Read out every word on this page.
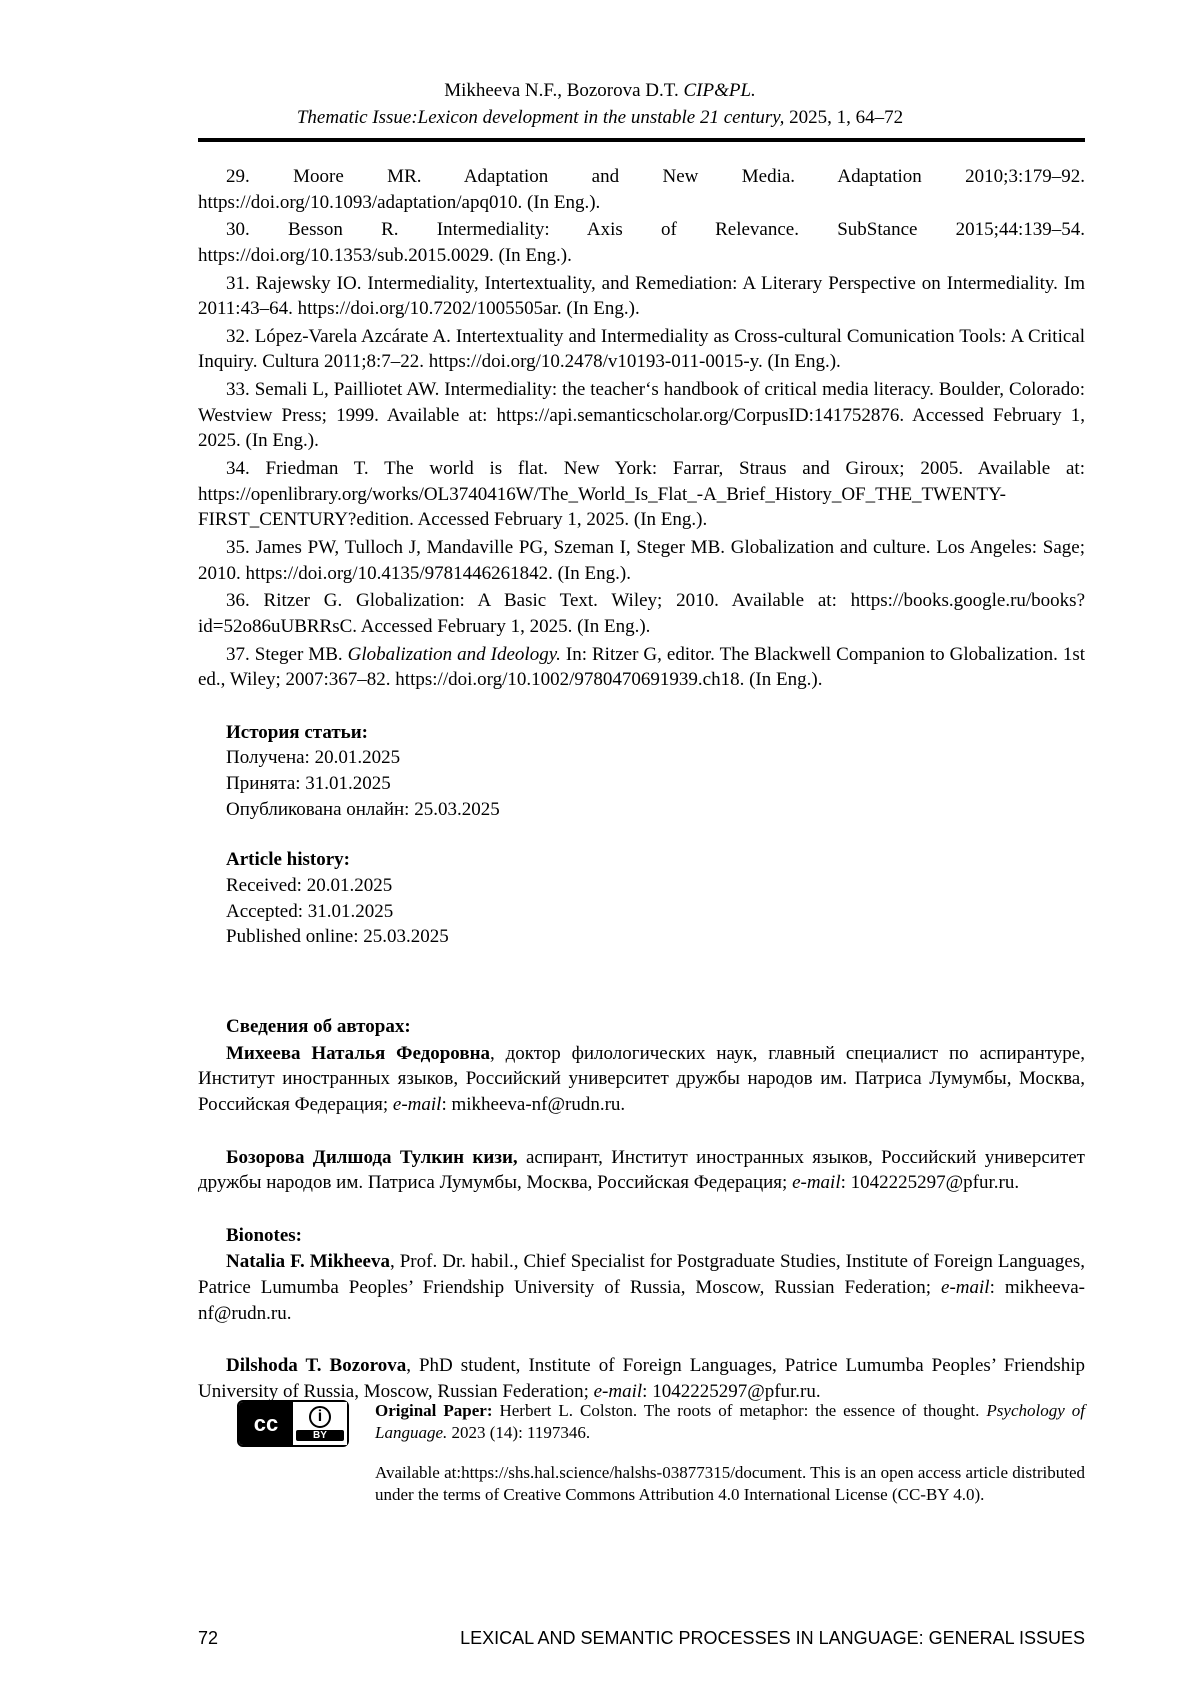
Mikheeva N.F., Bozorova D.T. CIP&PL.
Thematic Issue:Lexicon development in the unstable 21 century, 2025, 1, 64–72

29. Moore MR. Adaptation and New Media. Adaptation 2010;3:179–92. https://doi.org/10.1093/adaptation/apq010. (In Eng.).

30. Besson R. Intermediality: Axis of Relevance. SubStance 2015;44:139–54. https://doi.org/10.1353/sub.2015.0029. (In Eng.).

31. Rajewsky IO. Intermediality, Intertextuality, and Remediation: A Literary Perspective on Intermediality. Im 2011:43–64. https://doi.org/10.7202/1005505ar. (In Eng.).

32. López-Varela Azcárate A. Intertextuality and Intermediality as Cross-cultural Comunication Tools: A Critical Inquiry. Cultura 2011;8:7–22. https://doi.org/10.2478/v10193-011-0015-y. (In Eng.).

33. Semali L, Pailliotet AW. Intermediality: the teacher‘s handbook of critical media literacy. Boulder, Colorado: Westview Press; 1999. Available at: https://api.semanticscholar.org/CorpusID:141752876. Accessed February 1, 2025. (In Eng.).

34. Friedman T. The world is flat. New York: Farrar, Straus and Giroux; 2005. Available at: https://openlibrary.org/works/OL3740416W/The_World_Is_Flat_-A_Brief_History_OF_THE_TWENTY-FIRST_CENTURY?edition. Accessed February 1, 2025. (In Eng.).

35. James PW, Tulloch J, Mandaville PG, Szeman I, Steger MB. Globalization and culture. Los Angeles: Sage; 2010. https://doi.org/10.4135/9781446261842. (In Eng.).

36. Ritzer G. Globalization: A Basic Text. Wiley; 2010. Available at: https://books.google.ru/books?id=52o86uUBRRsC. Accessed February 1, 2025. (In Eng.).

37. Steger MB. Globalization and Ideology. In: Ritzer G, editor. The Blackwell Companion to Globalization. 1st ed., Wiley; 2007:367–82. https://doi.org/10.1002/9780470691939.ch18. (In Eng.).

История статьи:

Получена: 20.01.2025

Принята: 31.01.2025

Опубликована онлайн: 25.03.2025

Article history:

Received: 20.01.2025

Accepted: 31.01.2025

Published online: 25.03.2025

Сведения об авторах:

Михеева Наталья Федоровна, доктор филологических наук, главный специалист по аспирантуре, Институт иностранных языков, Российский университет дружбы народов им. Патриса Лумумбы, Москва, Российская Федерация; e-mail: mikheeva-nf@rudn.ru.

Бозорова Дилшода Тулкин кизи, аспирант, Институт иностранных языков, Российский университет дружбы народов им. Патриса Лумумбы, Москва, Российская Федерация; e-mail: 1042225297@pfur.ru.

Bionotes:

Natalia F. Mikheeva, Prof. Dr. habil., Chief Specialist for Postgraduate Studies, Institute of Foreign Languages, Patrice Lumumba Peoples’ Friendship University of Russia, Moscow, Russian Federation; e-mail: mikheeva-nf@rudn.ru.

Dilshoda T. Bozorova, PhD student, Institute of Foreign Languages, Patrice Lumumba Peoples’ Friendship University of Russia, Moscow, Russian Federation; e-mail: 1042225297@pfur.ru.

cc	i
BY

Original Paper: Herbert L. Colston. The roots of metaphor: the essence of thought. Psychology of Language. 2023 (14): 1197346.

Available at:https://shs.hal.science/halshs-03877315/document. This is an open access article distributed under the terms of Creative Commons Attribution 4.0 International License (CC-BY 4.0).

72	LEXICAL AND SEMANTIC PROCESSES IN LANGUAGE: GENERAL ISSUES
